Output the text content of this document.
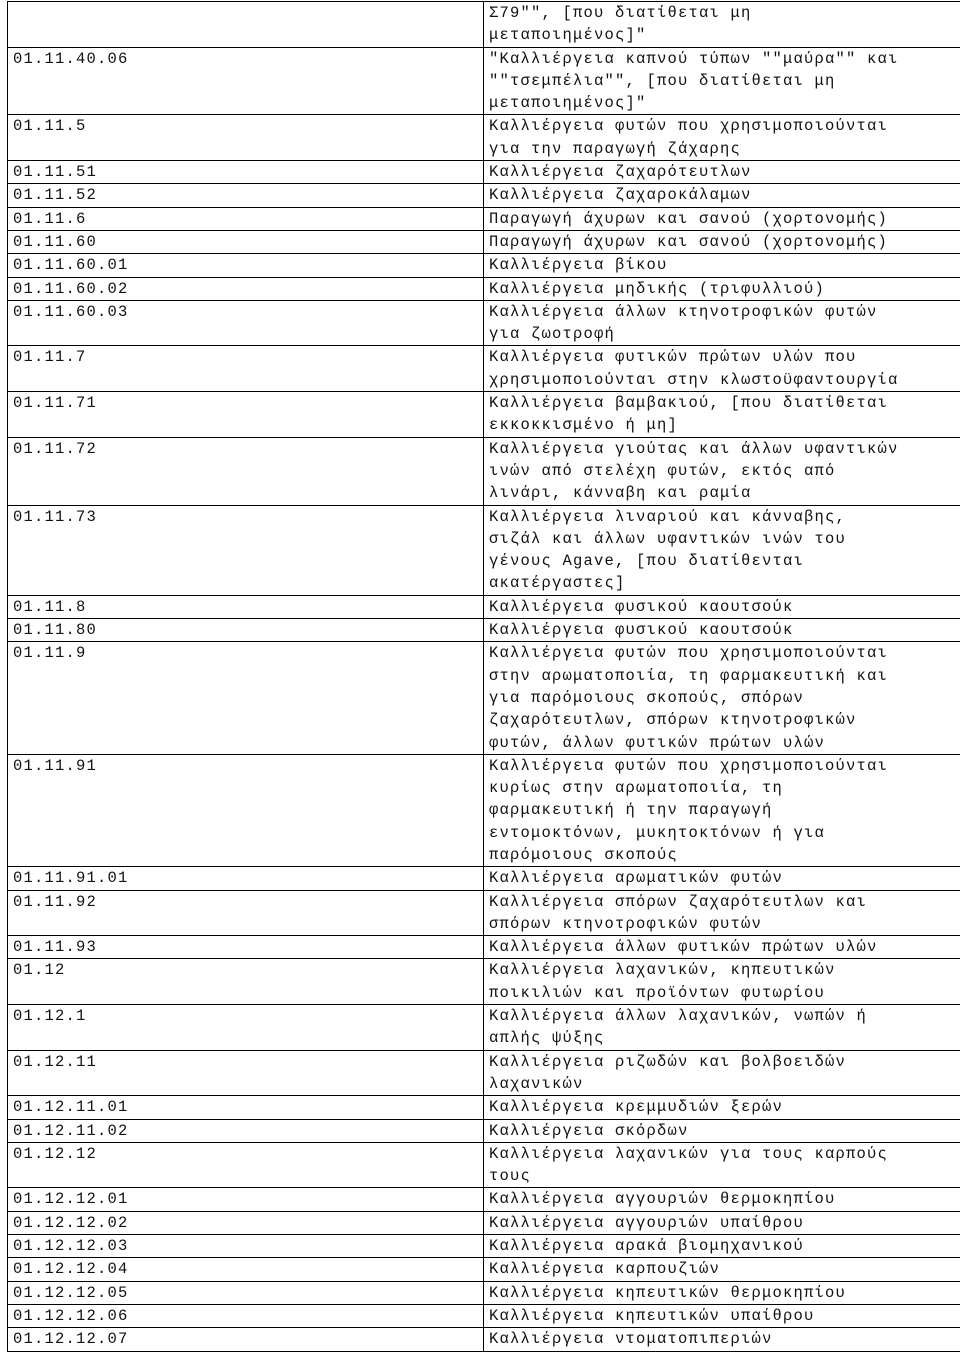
	Σ79"", [που διατίθεται μη
μεταποιημένος]"

01.11.40.06	"Καλλιέργεια καπνού τύπων ""μαύρα"" και
""τσεμπέλια"", [που διατίθεται μη
μεταποιημένος]"

01.11.5	Καλλιέργεια φυτών που χρησιμοποιούνται
για την παραγωγή ζάχαρης

01.11.51	Καλλιέργεια ζαχαρότευτλων

01.11.52	Καλλιέργεια ζαχαροκάλαμων

01.11.6	Παραγωγή άχυρων και σανού (χορτονομής)

01.11.60	Παραγωγή άχυρων και σανού (χορτονομής)

01.11.60.01	Καλλιέργεια βίκου

01.11.60.02	Καλλιέργεια μηδικής (τριφυλλιού)

01.11.60.03	Καλλιέργεια άλλων κτηνοτροφικών φυτών
για ζωοτροφή

01.11.7	Καλλιέργεια φυτικών πρώτων υλών που
χρησιμοποιούνται στην κλωστοϋφαντουργία

01.11.71	Καλλιέργεια βαμβακιού, [που διατίθεται
εκκοκκισμένο ή μη]

01.11.72	Καλλιέργεια γιούτας και άλλων υφαντικών
ινών από στελέχη φυτών, εκτός από
λινάρι, κάνναβη και ραμία

01.11.73	Καλλιέργεια λιναριού και κάνναβης,
σιζάλ και άλλων υφαντικών ινών του
γένους Agave, [που διατίθενται
ακατέργαστες]

01.11.8	Καλλιέργεια φυσικού καουτσούκ

01.11.80	Καλλιέργεια φυσικού καουτσούκ

01.11.9	Καλλιέργεια φυτών που χρησιμοποιούνται
στην αρωματοποιία, τη φαρμακευτική και
για παρόμοιους σκοπούς, σπόρων
ζαχαρότευτλων, σπόρων κτηνοτροφικών
φυτών, άλλων φυτικών πρώτων υλών

01.11.91	Καλλιέργεια φυτών που χρησιμοποιούνται
κυρίως στην αρωματοποιία, τη
φαρμακευτική ή την παραγωγή
εντομοκτόνων, μυκητοκτόνων ή για
παρόμοιους σκοπούς

01.11.91.01	Καλλιέργεια αρωματικών φυτών

01.11.92	Καλλιέργεια σπόρων ζαχαρότευτλων και
σπόρων κτηνοτροφικών φυτών

01.11.93	Καλλιέργεια άλλων φυτικών πρώτων υλών

01.12	Καλλιέργεια λαχανικών, κηπευτικών
ποικιλιών και προϊόντων φυτωρίου

01.12.1	Καλλιέργεια άλλων λαχανικών, νωπών ή
απλής ψύξης

01.12.11	Καλλιέργεια ριζωδών και βολβοειδών
λαχανικών

01.12.11.01	Καλλιέργεια κρεμμυδιών ξερών

01.12.11.02	Καλλιέργεια σκόρδων

01.12.12	Καλλιέργεια λαχανικών για τους καρπούς
τους

01.12.12.01	Καλλιέργεια αγγουριών θερμοκηπίου

01.12.12.02	Καλλιέργεια αγγουριών υπαίθρου

01.12.12.03	Καλλιέργεια αρακά βιομηχανικού

01.12.12.04	Καλλιέργεια καρπουζιών

01.12.12.05	Καλλιέργεια κηπευτικών θερμοκηπίου

01.12.12.06	Καλλιέργεια κηπευτικών υπαίθρου

01.12.12.07	Καλλιέργεια ντοματοπιπεριών
